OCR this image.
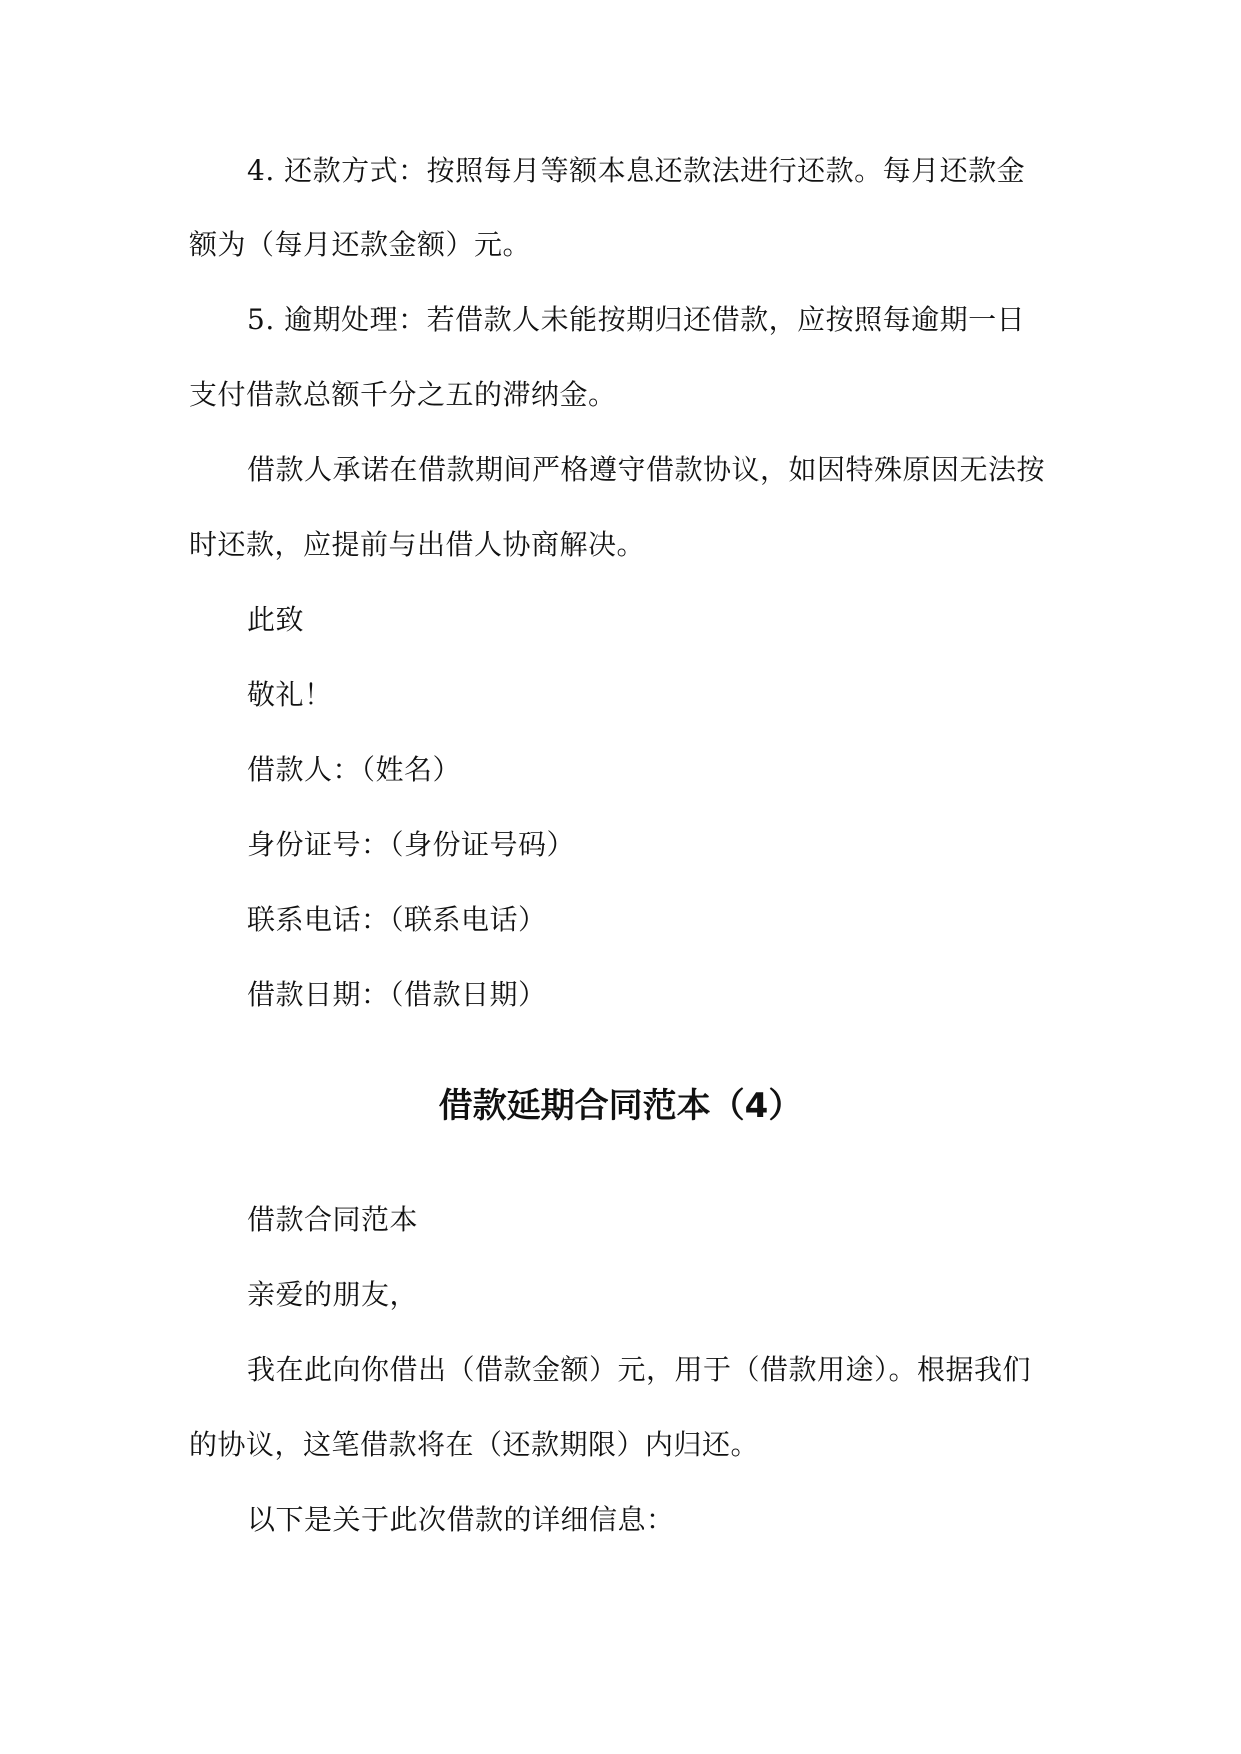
4. 还款方式：按照每月等额本息还款法进行还款。每月还款金
额为（每月还款金额）元。
5. 逾期处理：若借款人未能按期归还借款，应按照每逾期一日
支付借款总额千分之五的滞纳金。
借款人承诺在借款期间严格遵守借款协议，如因特殊原因无法按
时还款，应提前与出借人协商解决。
此致
敬礼！
借款人：（姓名）
身份证号：（身份证号码）
联系电话：（联系电话）
借款日期：（借款日期）
借款延期合同范本（4）
借款合同范本
亲爱的朋友，
我在此向你借出（借款金额）元，用于（借款用途）。根据我们
的协议，这笔借款将在（还款期限）内归还。
以下是关于此次借款的详细信息：
